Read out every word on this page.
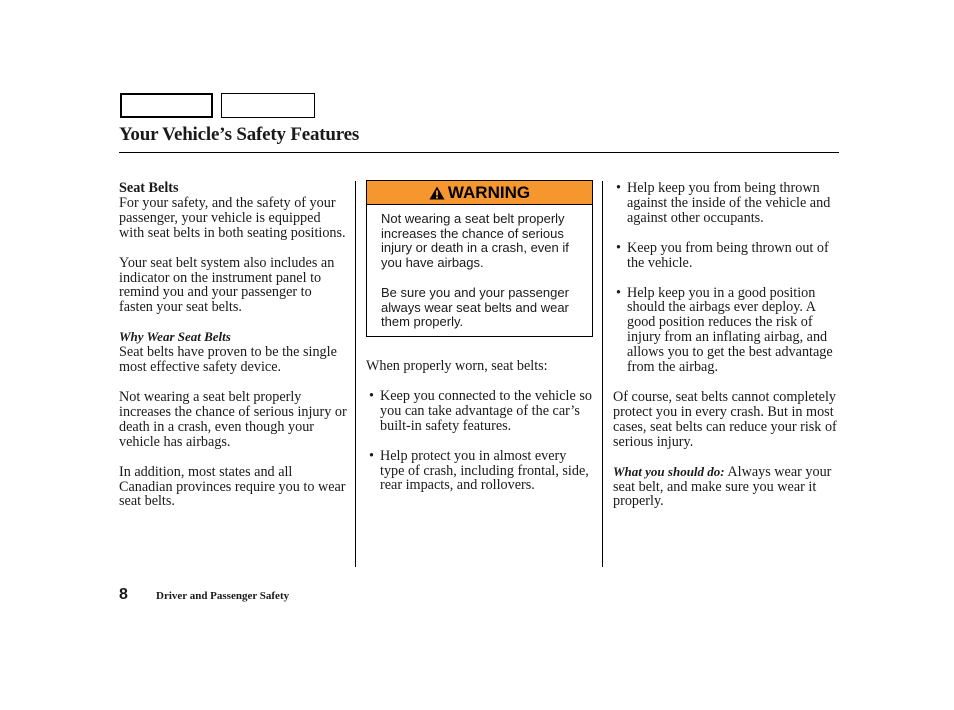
Your Vehicle’s Safety Features

Seat Belts

For your safety, and the safety of your passenger, your vehicle is equipped with seat belts in both seating positions.

Your seat belt system also includes an indicator on the instrument panel to remind you and your passenger to fasten your seat belts.

Why Wear Seat Belts

Seat belts have proven to be the single most effective safety device.

Not wearing a seat belt properly increases the chance of serious injury or death in a crash, even though your vehicle has airbags.

In addition, most states and all Canadian provinces require you to wear seat belts.

WARNING

Not wearing a seat belt properly increases the chance of serious injury or death in a crash, even if you have airbags.

Be sure you and your passenger always wear seat belts and wear them properly.

When properly worn, seat belts:

• Keep you connected to the vehicle so you can take advantage of the car’s built-in safety features.
• Help protect you in almost every type of crash, including frontal, side, rear impacts, and rollovers.
• Help keep you from being thrown against the inside of the vehicle and against other occupants.
• Keep you from being thrown out of the vehicle.
• Help keep you in a good position should the airbags ever deploy. A good position reduces the risk of injury from an inflating airbag, and allows you to get the best advantage from the airbag.

Of course, seat belts cannot completely protect you in every crash. But in most cases, seat belts can reduce your risk of serious injury.

What you should do: Always wear your seat belt, and make sure you wear it properly.

8	Driver and Passenger Safety
